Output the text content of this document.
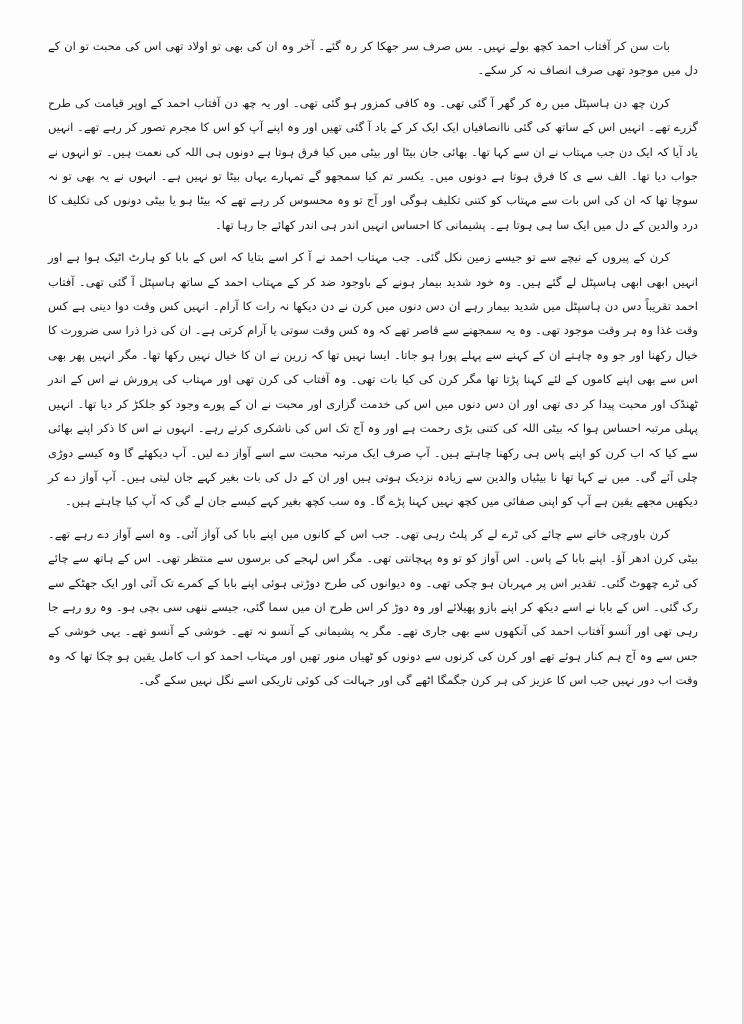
بات سن کر آفتاب احمد کچھ بولے نہیں۔ بس صرف سر جھکا کر رہ گئے۔ آخر وہ ان کی بھی تو اولاد تھی اس کی محبت تو ان کے دل میں موجود تھی صرف انصاف نہ کر سکے۔

کرن چھ دن ہاسپٹل میں رہ کر گھر آ گئی تھی۔ وہ کافی کمزور ہو گئی تھی۔ اور یہ چھ دن آفتاب احمد کے اوپر قیامت کی طرح گزرے تھے۔ انہیں اس کے ساتھ کی گئی ناانصافیاں ایک ایک کر کے یاد آ گئی تھیں اور وہ اپنے آپ کو اس کا مجرم تصور کر رہے تھے۔ انہیں یاد آیا کہ ایک دن جب مہتاب نے ان سے کہا تھا۔ بھائی جان بیٹا اور بیٹی میں کیا فرق ہوتا ہے دونوں ہی اللہ کی نعمت ہیں۔ تو انہوں نے جواب دیا تھا۔ الف سے ی کا فرق ہوتا ہے دونوں میں۔ یکسر تم کیا سمجھو گے تمہارے یہاں بیٹا تو نہیں ہے۔ انہوں نے یہ بھی تو نہ سوچا تھا کہ ان کی اس بات سے مہتاب کو کتنی تکلیف ہوگی اور آج تو وہ محسوس کر رہے تھے کہ بیٹا ہو یا بیٹی دونوں کی تکلیف کا درد والدین کے دل میں ایک سا ہی ہوتا ہے۔ پشیمانی کا احساس انہیں اندر ہی اندر کھائے جا رہا تھا۔

کرن کے پیروں کے نیچے سے تو جیسے زمین نکل گئی۔ جب مہتاب احمد نے آ کر اسے بتایا کہ اس کے بابا کو ہارٹ اٹیک ہوا ہے اور انہیں ابھی ابھی ہاسپٹل لے گئے ہیں۔ وہ خود شدید بیمار ہونے کے باوجود ضد کر کے مہتاب احمد کے ساتھ ہاسپٹل آ گئی تھی۔ آفتاب احمد تقریباً دس دن ہاسپٹل میں شدید بیمار رہے ان دس دنوں میں کرن نے دن دیکھا نہ رات کا آرام۔ انہیں کس وقت دوا دینی ہے کس وقت غذا وہ ہر وقت موجود تھی۔ وہ یہ سمجھنے سے قاصر تھے کہ وہ کس وقت سوتی یا آرام کرتی ہے۔ ان کی ذرا ذرا سی ضرورت کا خیال رکھنا اور جو وہ چاہتے ان کے کہنے سے پہلے پورا ہو جاتا۔ ایسا نہیں تھا کہ زرین نے ان کا خیال نہیں رکھا تھا۔ مگر انہیں پھر بھی اس سے بھی اپنے کاموں کے لئے کہنا پڑتا تھا مگر کرن کی کیا بات تھی۔ وہ آفتاب کی کرن تھی اور مہتاب کی پرورش نے اس کے اندر ٹھنڈک اور محبت پیدا کر دی تھی اور ان دس دنوں میں اس کی خدمت گزاری اور محبت نے ان کے پورے وجود کو جلکڑ کر دیا تھا۔ انہیں پہلی مرتبہ احساس ہوا کہ بیٹی اللہ کی کتنی بڑی رحمت ہے اور وہ آج تک اس کی ناشکری کرتے رہے۔ انہوں نے اس کا ذکر اپنے بھائی سے کیا کہ اب کرن کو اپنے پاس ہی رکھنا چاہتے ہیں۔ آپ صرف ایک مرتبہ محبت سے اسے آواز دے لیں۔ آپ دیکھئے گا وہ کیسے دوڑی چلی آئے گی۔ میں نے کہا تھا نا بیٹیاں والدین سے زیادہ نزدیک ہوتی ہیں اور ان کے دل کی بات بغیر کہے جان لیتی ہیں۔ آپ آواز دے کر دیکھیں مجھے یقین ہے آپ کو اپنی صفائی میں کچھ نہیں کہنا پڑے گا۔ وہ سب کچھ بغیر کہے کیسے جان لے گی کہ آپ کیا چاہتے ہیں۔

کرن باورچی خانے سے چائے کی ٹرے لے کر پلٹ رہی تھی۔ جب اس کے کانوں میں اپنے بابا کی آواز آئی۔ وہ اسے آواز دے رہے تھے۔ بیٹی کرن ادھر آؤ۔ اپنے بابا کے پاس۔ اس آواز کو تو وہ پہچانتی تھی۔ مگر اس لہجے کی برسوں سے منتظر تھی۔ اس کے ہاتھ سے چائے کی ٹرے چھوٹ گئی۔ تقدیر اس پر مہربان ہو چکی تھی۔ وہ دیوانوں کی طرح دوڑتی ہوئی اپنے بابا کے کمرے تک آئی اور ایک جھٹکے سے رک گئی۔ اس کے بابا نے اسے دیکھ کر اپنے بازو پھیلائے اور وہ دوڑ کر اس طرح ان میں سما گئی، جیسے ننھی سی بچی ہو۔ وہ رو رہے جا رہی تھی اور آنسو آفتاب احمد کی آنکھوں سے بھی جاری تھے۔ مگر یہ پشیمانی کے آنسو نہ تھے۔ خوشی کے آنسو تھے۔ یہی خوشی کے جس سے وہ آج ہم کنار ہوئے تھے اور کرن کی کرنوں سے دونوں کو ٹھیاں منور تھیں اور مہتاب احمد کو اب کامل یقین ہو چکا تھا کہ وہ وقت اب دور نہیں جب اس کا عزیز کی ہر کرن جگمگا اٹھے گی اور جہالت کی کوئی تاریکی اسے نگل نہیں سکے گی۔
